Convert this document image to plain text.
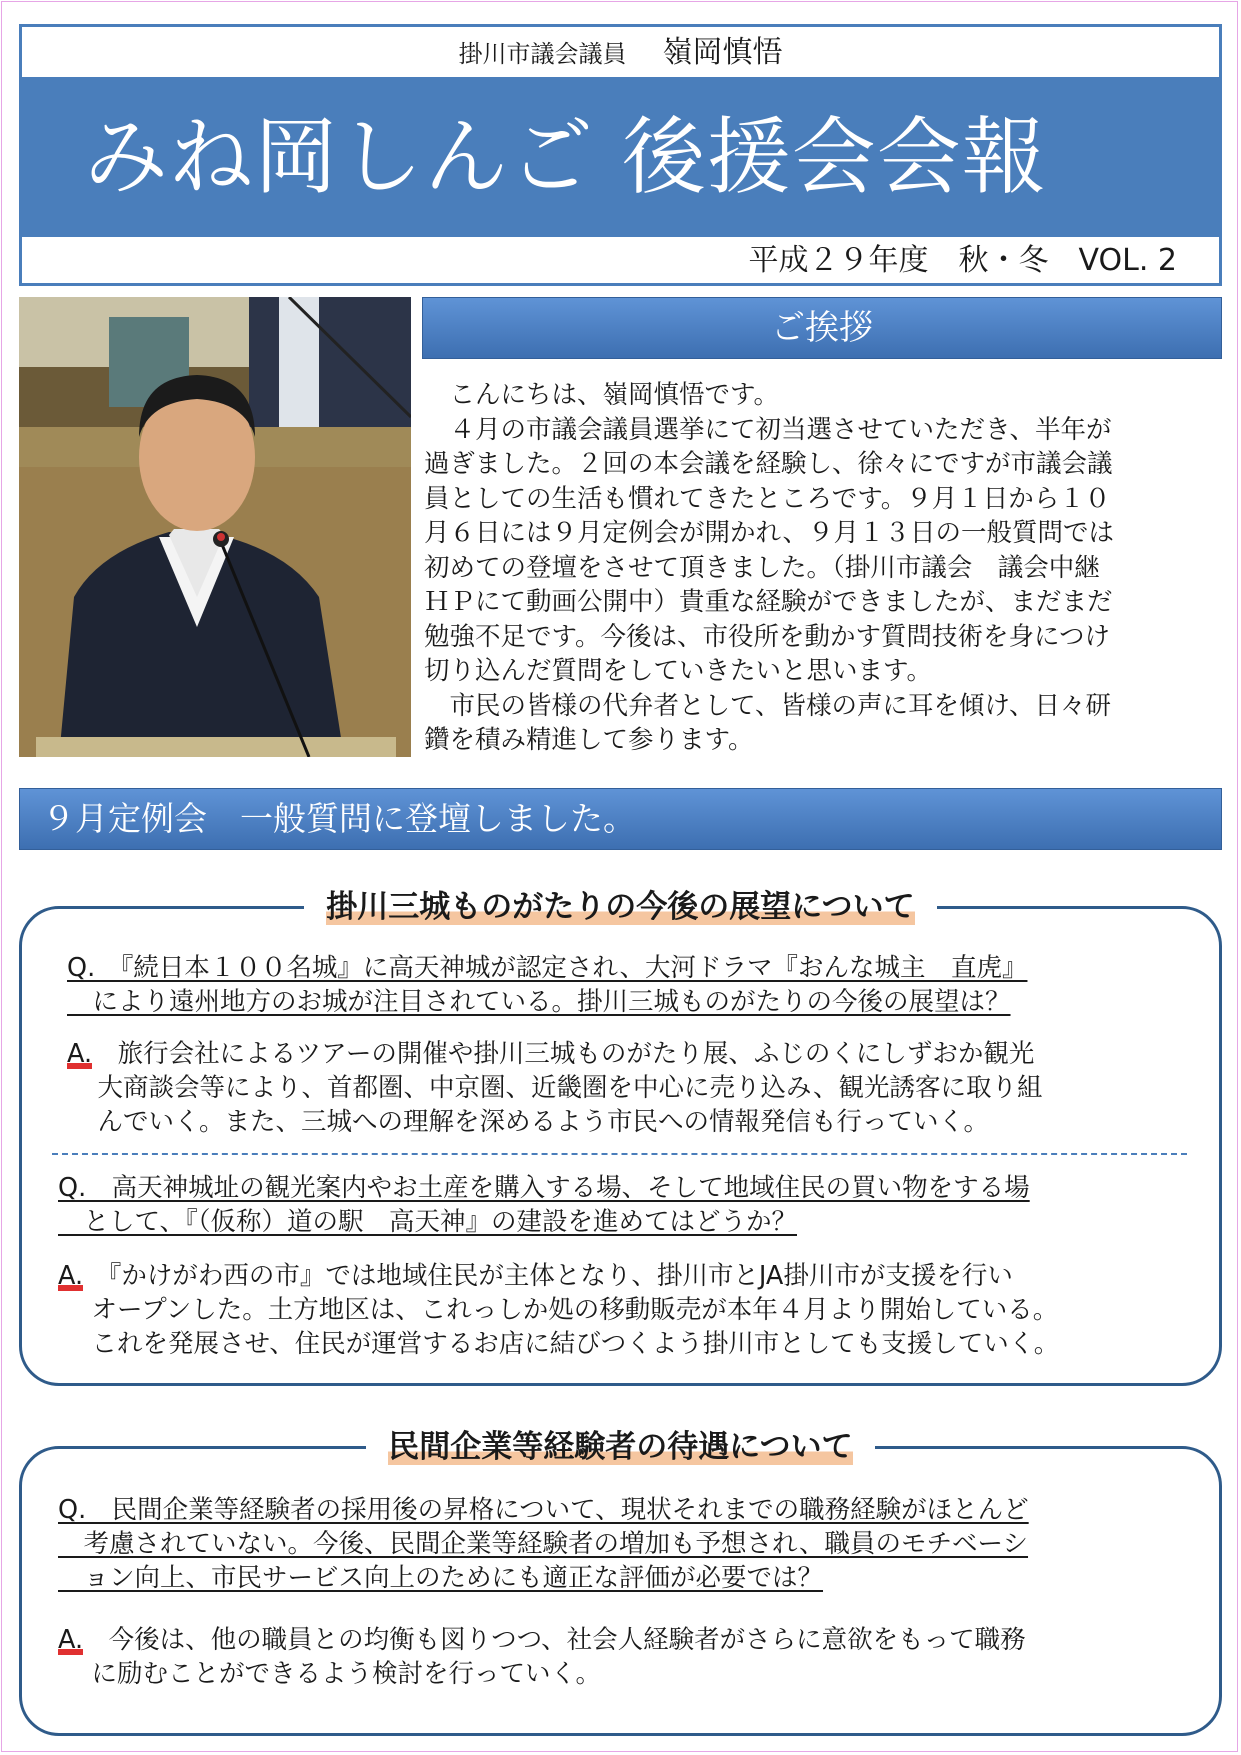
掛川市議会議員 嶺岡慎悟
みね岡しんご 後援会会報
平成２９年度　秋・冬　VOL. 2
ご挨拶
　こんにちは、嶺岡慎悟です。
　４月の市議会議員選挙にて初当選させていただき、半年が
過ぎました。２回の本会議を経験し、徐々にですが市議会議
員としての生活も慣れてきたところです。９月１日から１０
月６日には９月定例会が開かれ、９月１３日の一般質問では
初めての登壇をさせて頂きました。（掛川市議会　議会中継
ＨＰにて動画公開中）貴重な経験ができましたが、まだまだ
勉強不足です。今後は、市役所を動かす質問技術を身につけ
切り込んだ質問をしていきたいと思います。
　市民の皆様の代弁者として、皆様の声に耳を傾け、日々研
鑽を積み精進して参ります。
９月定例会　一般質問に登壇しました。
掛川三城ものがたりの今後の展望について
Q.　『続日本１００名城』に高天神城が認定され、大河ドラマ『おんな城主　直虎』
　により遠州地方のお城が注目されている。掛川三城ものがたりの今後の展望は？
A.　旅行会社によるツアーの開催や掛川三城ものがたり展、ふじのくにしずおか観光
　大商談会等により、首都圏、中京圏、近畿圏を中心に売り込み、観光誘客に取り組
　んでいく。また、三城への理解を深めるよう市民への情報発信も行っていく。
Q.　高天神城址の観光案内やお土産を購入する場、そして地域住民の買い物をする場
　として、『（仮称）道の駅　高天神』の建設を進めてはどうか？
A.　『かけがわ西の市』では地域住民が主体となり、掛川市とJA掛川市が支援を行い
　オープンした。土方地区は、これっしか処の移動販売が本年４月より開始している。
　これを発展させ、住民が運営するお店に結びつくよう掛川市としても支援していく。
民間企業等経験者の待遇について
Q.　民間企業等経験者の採用後の昇格について、現状それまでの職務経験がほとんど
　考慮されていない。今後、民間企業等経験者の増加も予想され、職員のモチベーシ
　ョン向上、市民サービス向上のためにも適正な評価が必要では？
A.　今後は、他の職員との均衡も図りつつ、社会人経験者がさらに意欲をもって職務
　に励むことができるよう検討を行っていく。
